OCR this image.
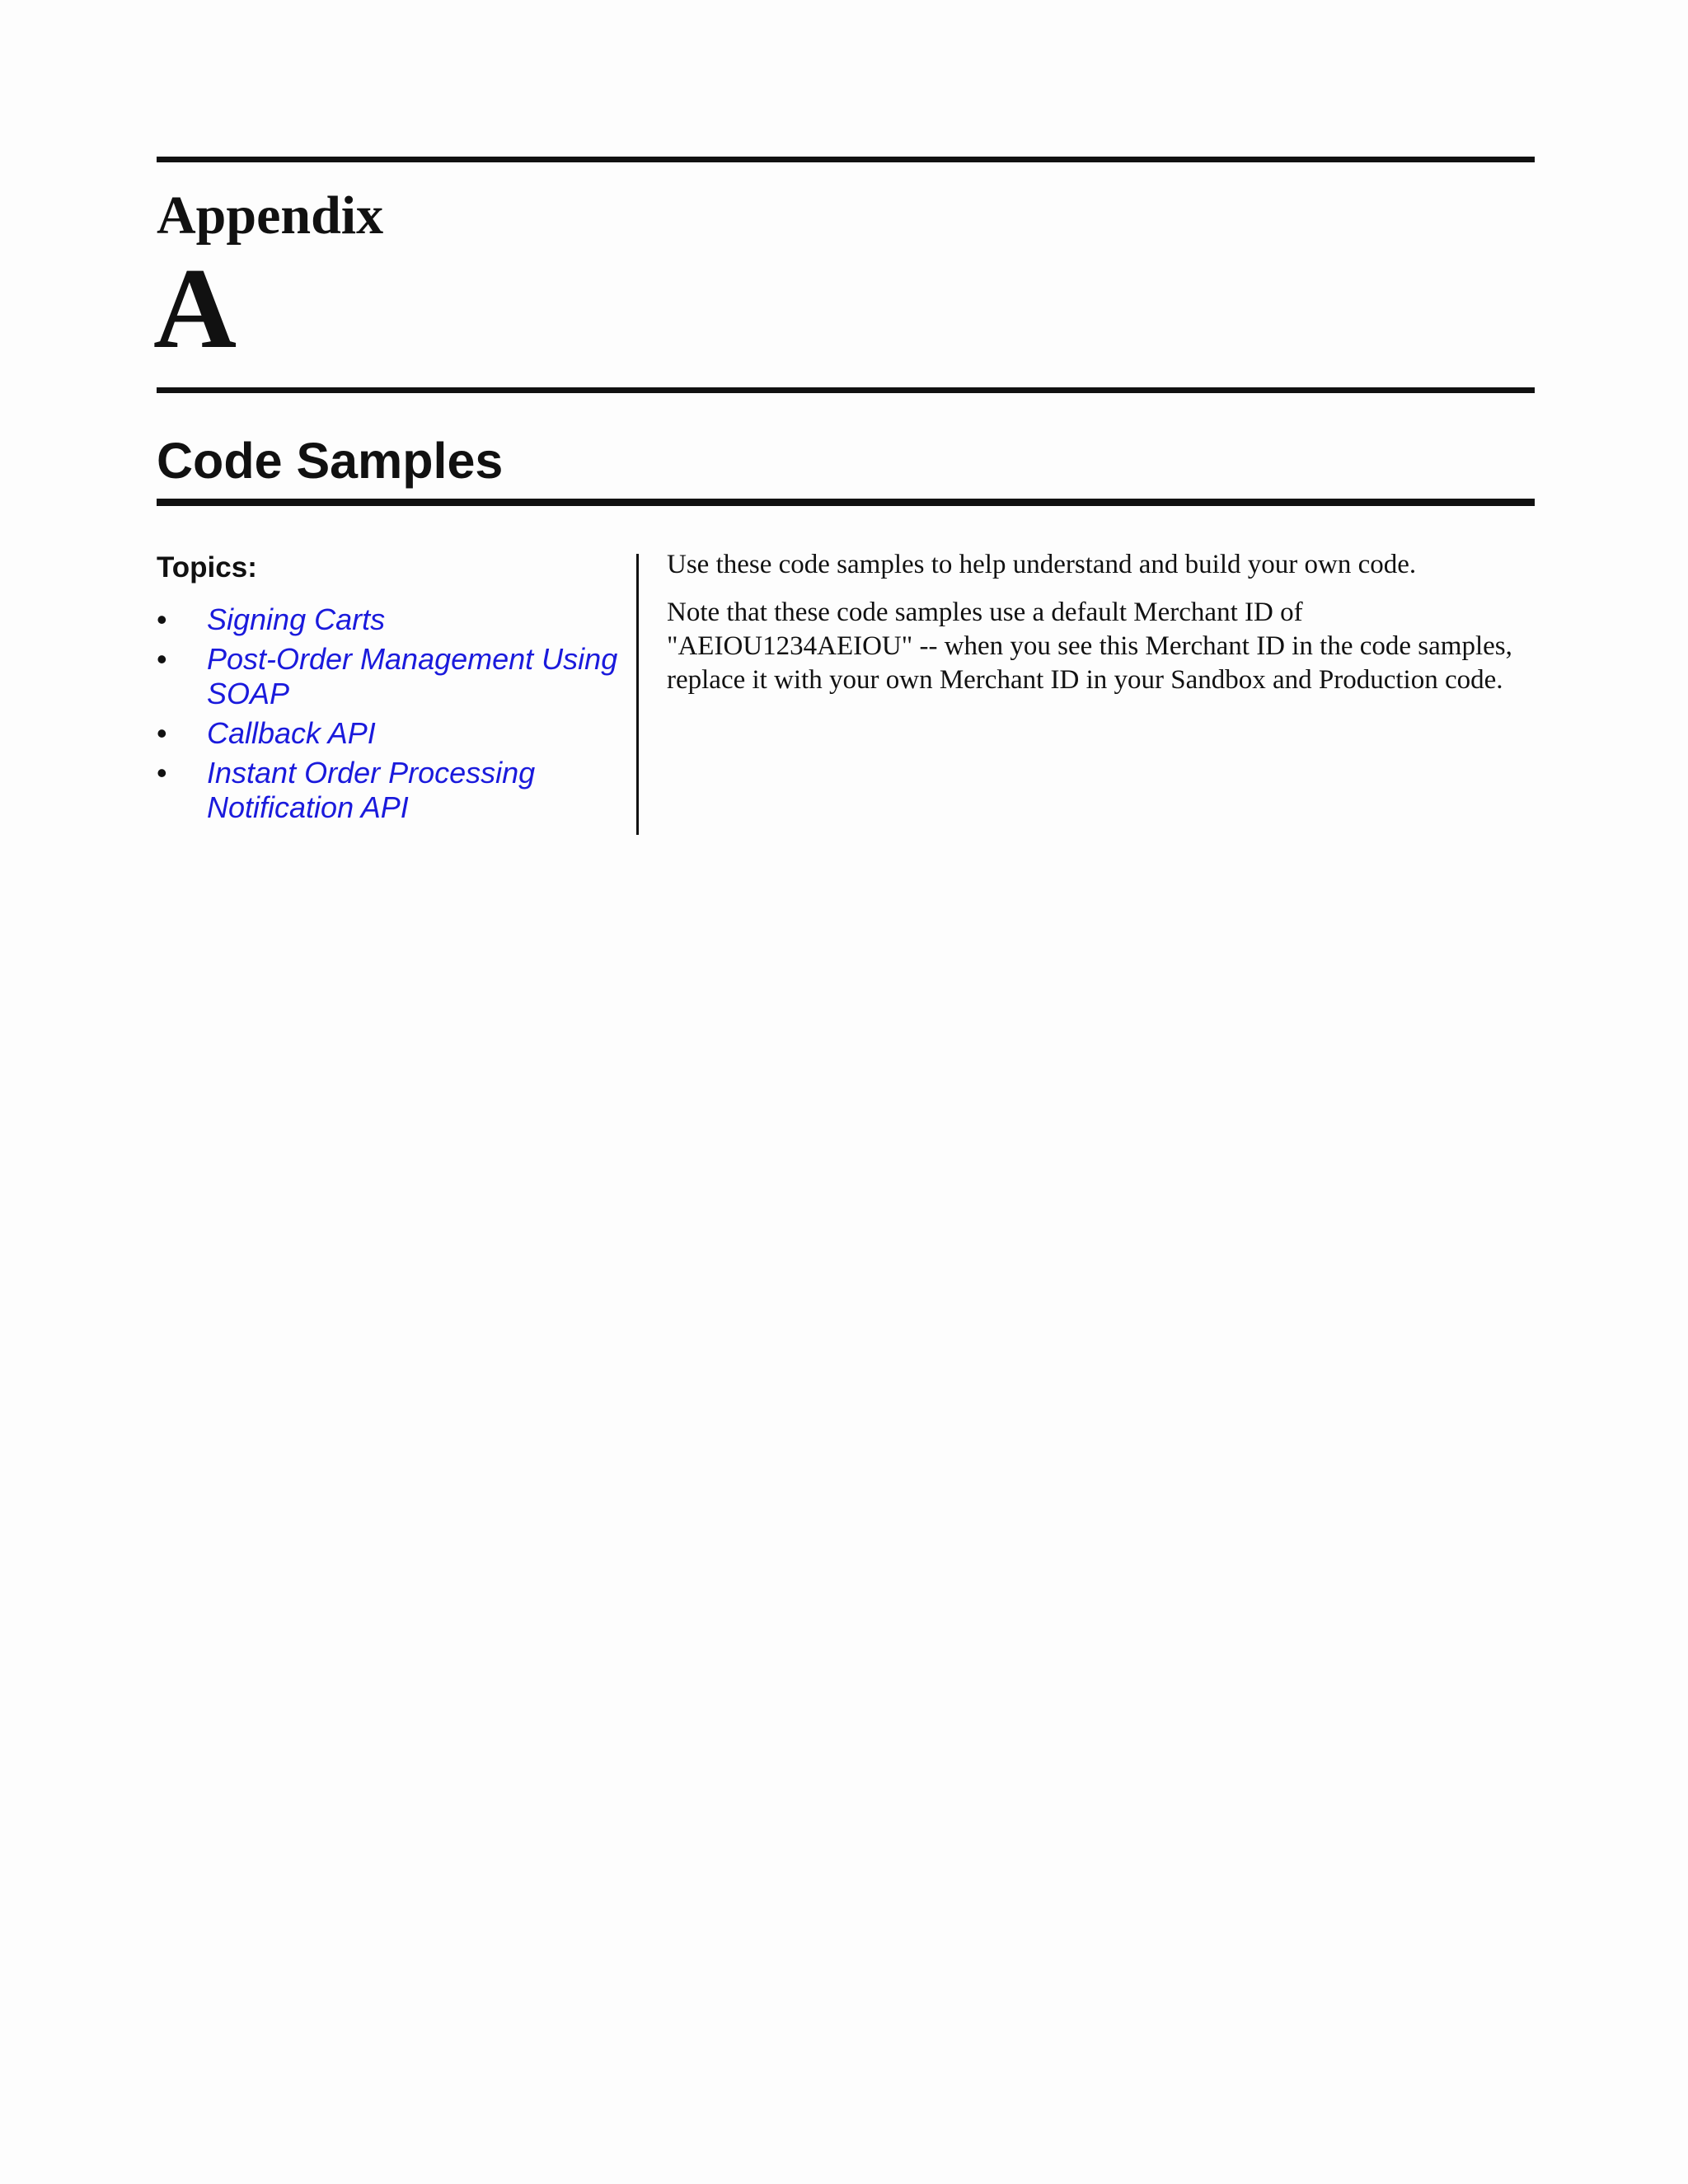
Appendix
A
Code Samples
Topics:
• Signing Carts
• Post-Order Management Using
SOAP
• Callback API
• Instant Order Processing
Notification API

Use these code samples to help understand and build your own code.

Note that these code samples use a default Merchant ID of
"AEIOU1234AEIOU" -- when you see this Merchant ID in the code samples,
replace it with your own Merchant ID in your Sandbox and Production code.
